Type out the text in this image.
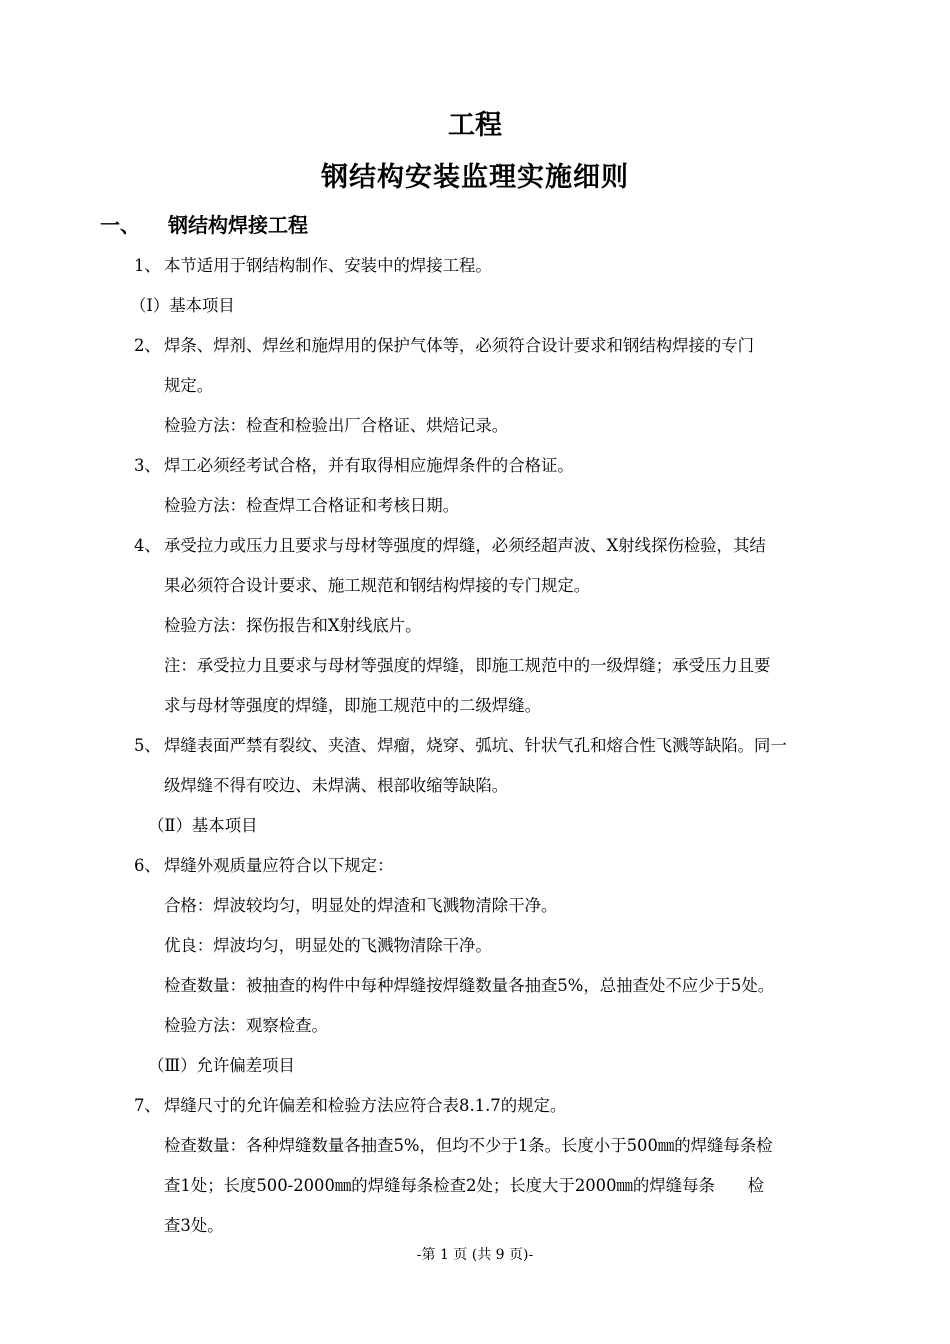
工程
钢结构安装监理实施细则
一、 钢结构焊接工程
1、 本节适用于钢结构制作、安装中的焊接工程。
（Ⅰ）基本项目
2、 焊条、焊剂、焊丝和施焊用的保护气体等，必须符合设计要求和钢结构焊接的专门
规定。
检验方法：检查和检验出厂合格证、烘焙记录。
3、 焊工必须经考试合格，并有取得相应施焊条件的合格证。
检验方法：检查焊工合格证和考核日期。
4、 承受拉力或压力且要求与母材等强度的焊缝，必须经超声波、X射线探伤检验，其结
果必须符合设计要求、施工规范和钢结构焊接的专门规定。
检验方法：探伤报告和X射线底片。
注：承受拉力且要求与母材等强度的焊缝，即施工规范中的一级焊缝；承受压力且要
求与母材等强度的焊缝，即施工规范中的二级焊缝。
5、 焊缝表面严禁有裂纹、夹渣、焊瘤，烧穿、弧坑、针状气孔和熔合性飞溅等缺陷。同一
级焊缝不得有咬边、未焊满、根部收缩等缺陷。
（Ⅱ）基本项目
6、 焊缝外观质量应符合以下规定：
合格：焊波较均匀，明显处的焊渣和飞溅物清除干净。
优良：焊波均匀，明显处的飞溅物清除干净。
检查数量：被抽查的构件中每种焊缝按焊缝数量各抽查5%，总抽查处不应少于5处。
检验方法：观察检查。
（Ⅲ）允许偏差项目
7、 焊缝尺寸的允许偏差和检验方法应符合表8.1.7的规定。
检查数量：各种焊缝数量各抽查5%，但均不少于1条。长度小于500㎜的焊缝每条检
查1处；长度500-2000㎜的焊缝每条检查2处；长度大于2000㎜的焊缝每条　　检
查3处。
-第 1 页 (共 9 页)-
